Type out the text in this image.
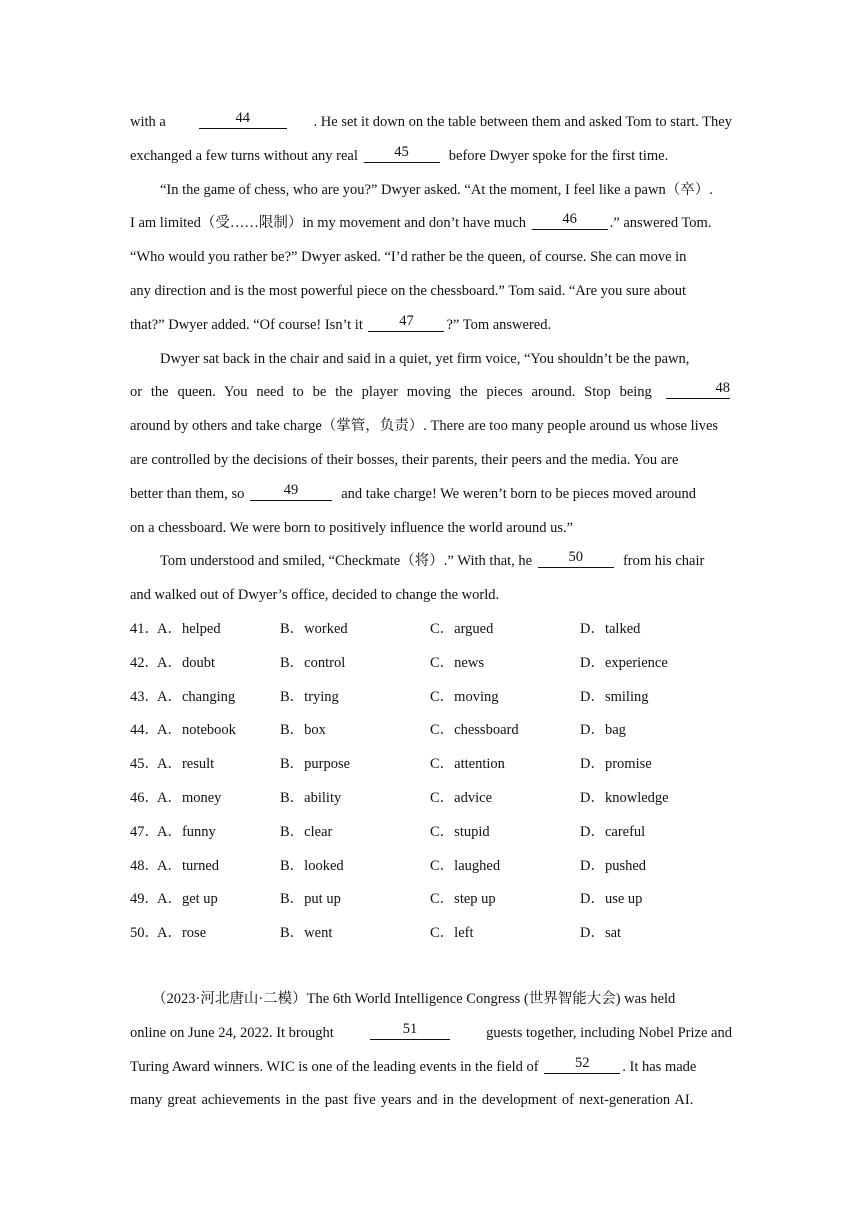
with a	44	. He set it down on the table between them and asked Tom to start. They
exchanged a few turns without any real
	45
	before Dwyer spoke for the first time.
“In the game of chess, who are you?” Dwyer asked. “At the moment, I feel like a pawn（卒）.
I am limited（受……限制）in my movement and don’t have much
	46	.” answered Tom.
“Who would you rather be?” Dwyer asked. “I’d rather be the queen, of course. She can move in
any direction and is the most powerful piece on the chessboard.” Tom said. “Are you sure about
that?” Dwyer added. “Of course! Isn’t it
	47	?” Tom answered.
Dwyer sat back in the chair and said in a quiet, yet firm voice, “You shouldn’t be the pawn,
or the queen. You need to be the player moving the pieces around. Stop being	48
around by others and take charge（掌管，负责）. There are too many people around us whose lives
are controlled by the decisions of their bosses, their parents, their peers and the media. You are
better than them, so
	49
	and take charge! We weren’t born to be pieces moved around
on a chessboard. We were born to positively influence the world around us.”
Tom understood and smiled, “Checkmate（将）.” With that, he
	50
	from his chair
and walked out of Dwyer’s office, decided to change the world.
41．
A．helped	B．worked	C．argued	D．talked
42．
A．doubt	B．control	C．news	D．experience
43．
A．changing	B．trying	C．moving	D．smiling
44．
A．notebook	B．box	C．chessboard	D．bag
45．
A．result	B．purpose	C．attention	D．promise
46．
A．money	B．ability	C．advice	D．knowledge
47．
A．funny	B．clear	C．stupid	D．careful
48．
A．turned	B．looked	C．laughed	D．pushed
49．
A．get up	B．put up	C．step up	D．use up
50．
A．rose	B．went	C．left	D．sat
（2023·河北唐山·二模）The 6th World Intelligence Congress (世界智能大会) was held
online on June 24, 2022. It brought	51	guests together, including Nobel Prize and
Turing Award winners. WIC is one of the leading events in the field of
	52	. It has made
many great achievements in the past five years and in the development of next-generation AI.
